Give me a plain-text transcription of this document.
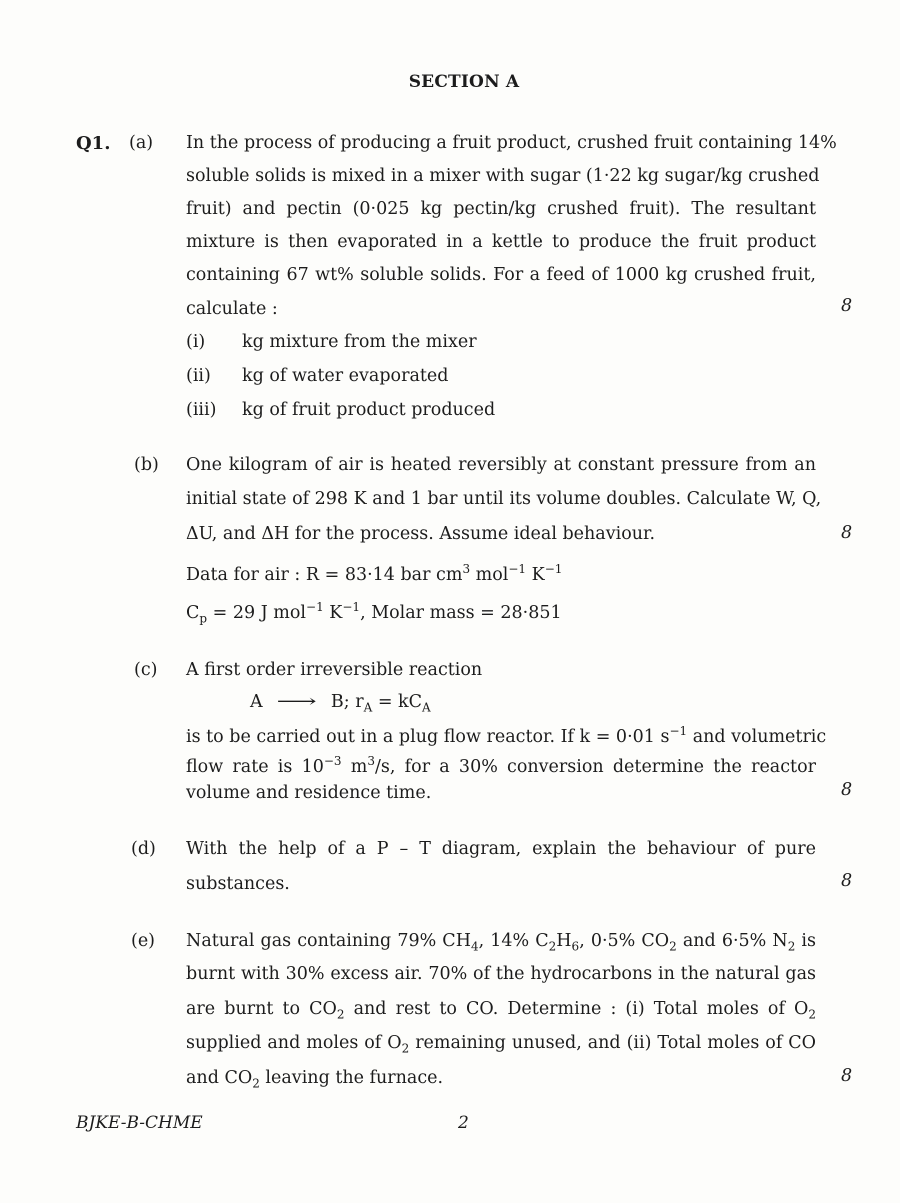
SECTION A
Q1. (a) In the process of producing a fruit product, crushed fruit containing 14%
soluble solids is mixed in a mixer with sugar (1·22 kg sugar/kg crushed
fruit) and pectin (0·025 kg pectin/kg crushed fruit). The resultant
mixture is then evaporated in a kettle to produce the fruit product
containing 67 wt% soluble solids. For a feed of 1000 kg crushed fruit,
calculate :	8
(i) kg mixture from the mixer
(ii) kg of water evaporated
(iii) kg of fruit product produced
(b) One kilogram of air is heated reversibly at constant pressure from an
initial state of 298 K and 1 bar until its volume doubles. Calculate W, Q,
ΔU, and ΔH for the process. Assume ideal behaviour.	8
Data for air : R = 83·14 bar $cm^3$ mol$^{-1}$ $K^{-1}$
$C_p = 29$ J mol$^{-1}$ $K^{-1}$, Molar mass = 28·851
(c) A first order irreversible reaction
A ⟶ B; $r_A = kC_A$
is to be carried out in a plug flow reactor. If k = 0·01 $s^{-1}$ and volumetric
flow rate is $10^{-3}$ $m^3/s$, for a 30% conversion determine the reactor
volume and residence time.	8
(d) With the help of a P – T diagram, explain the behaviour of pure
substances.	8
(e) Natural gas containing 79% $CH_4$, 14% $C_2H_6$, 0·5% $CO_2$ and 6·5% $N_2$ is
burnt with 30% excess air. 70% of the hydrocarbons in the natural gas
are burnt to $CO_2$ and rest to CO. Determine : (i) Total moles of $O_2$
supplied and moles of $O_2$ remaining unused, and (ii) Total moles of CO
and $CO_2$ leaving the furnace.	8
BJKE-B-CHME	2
